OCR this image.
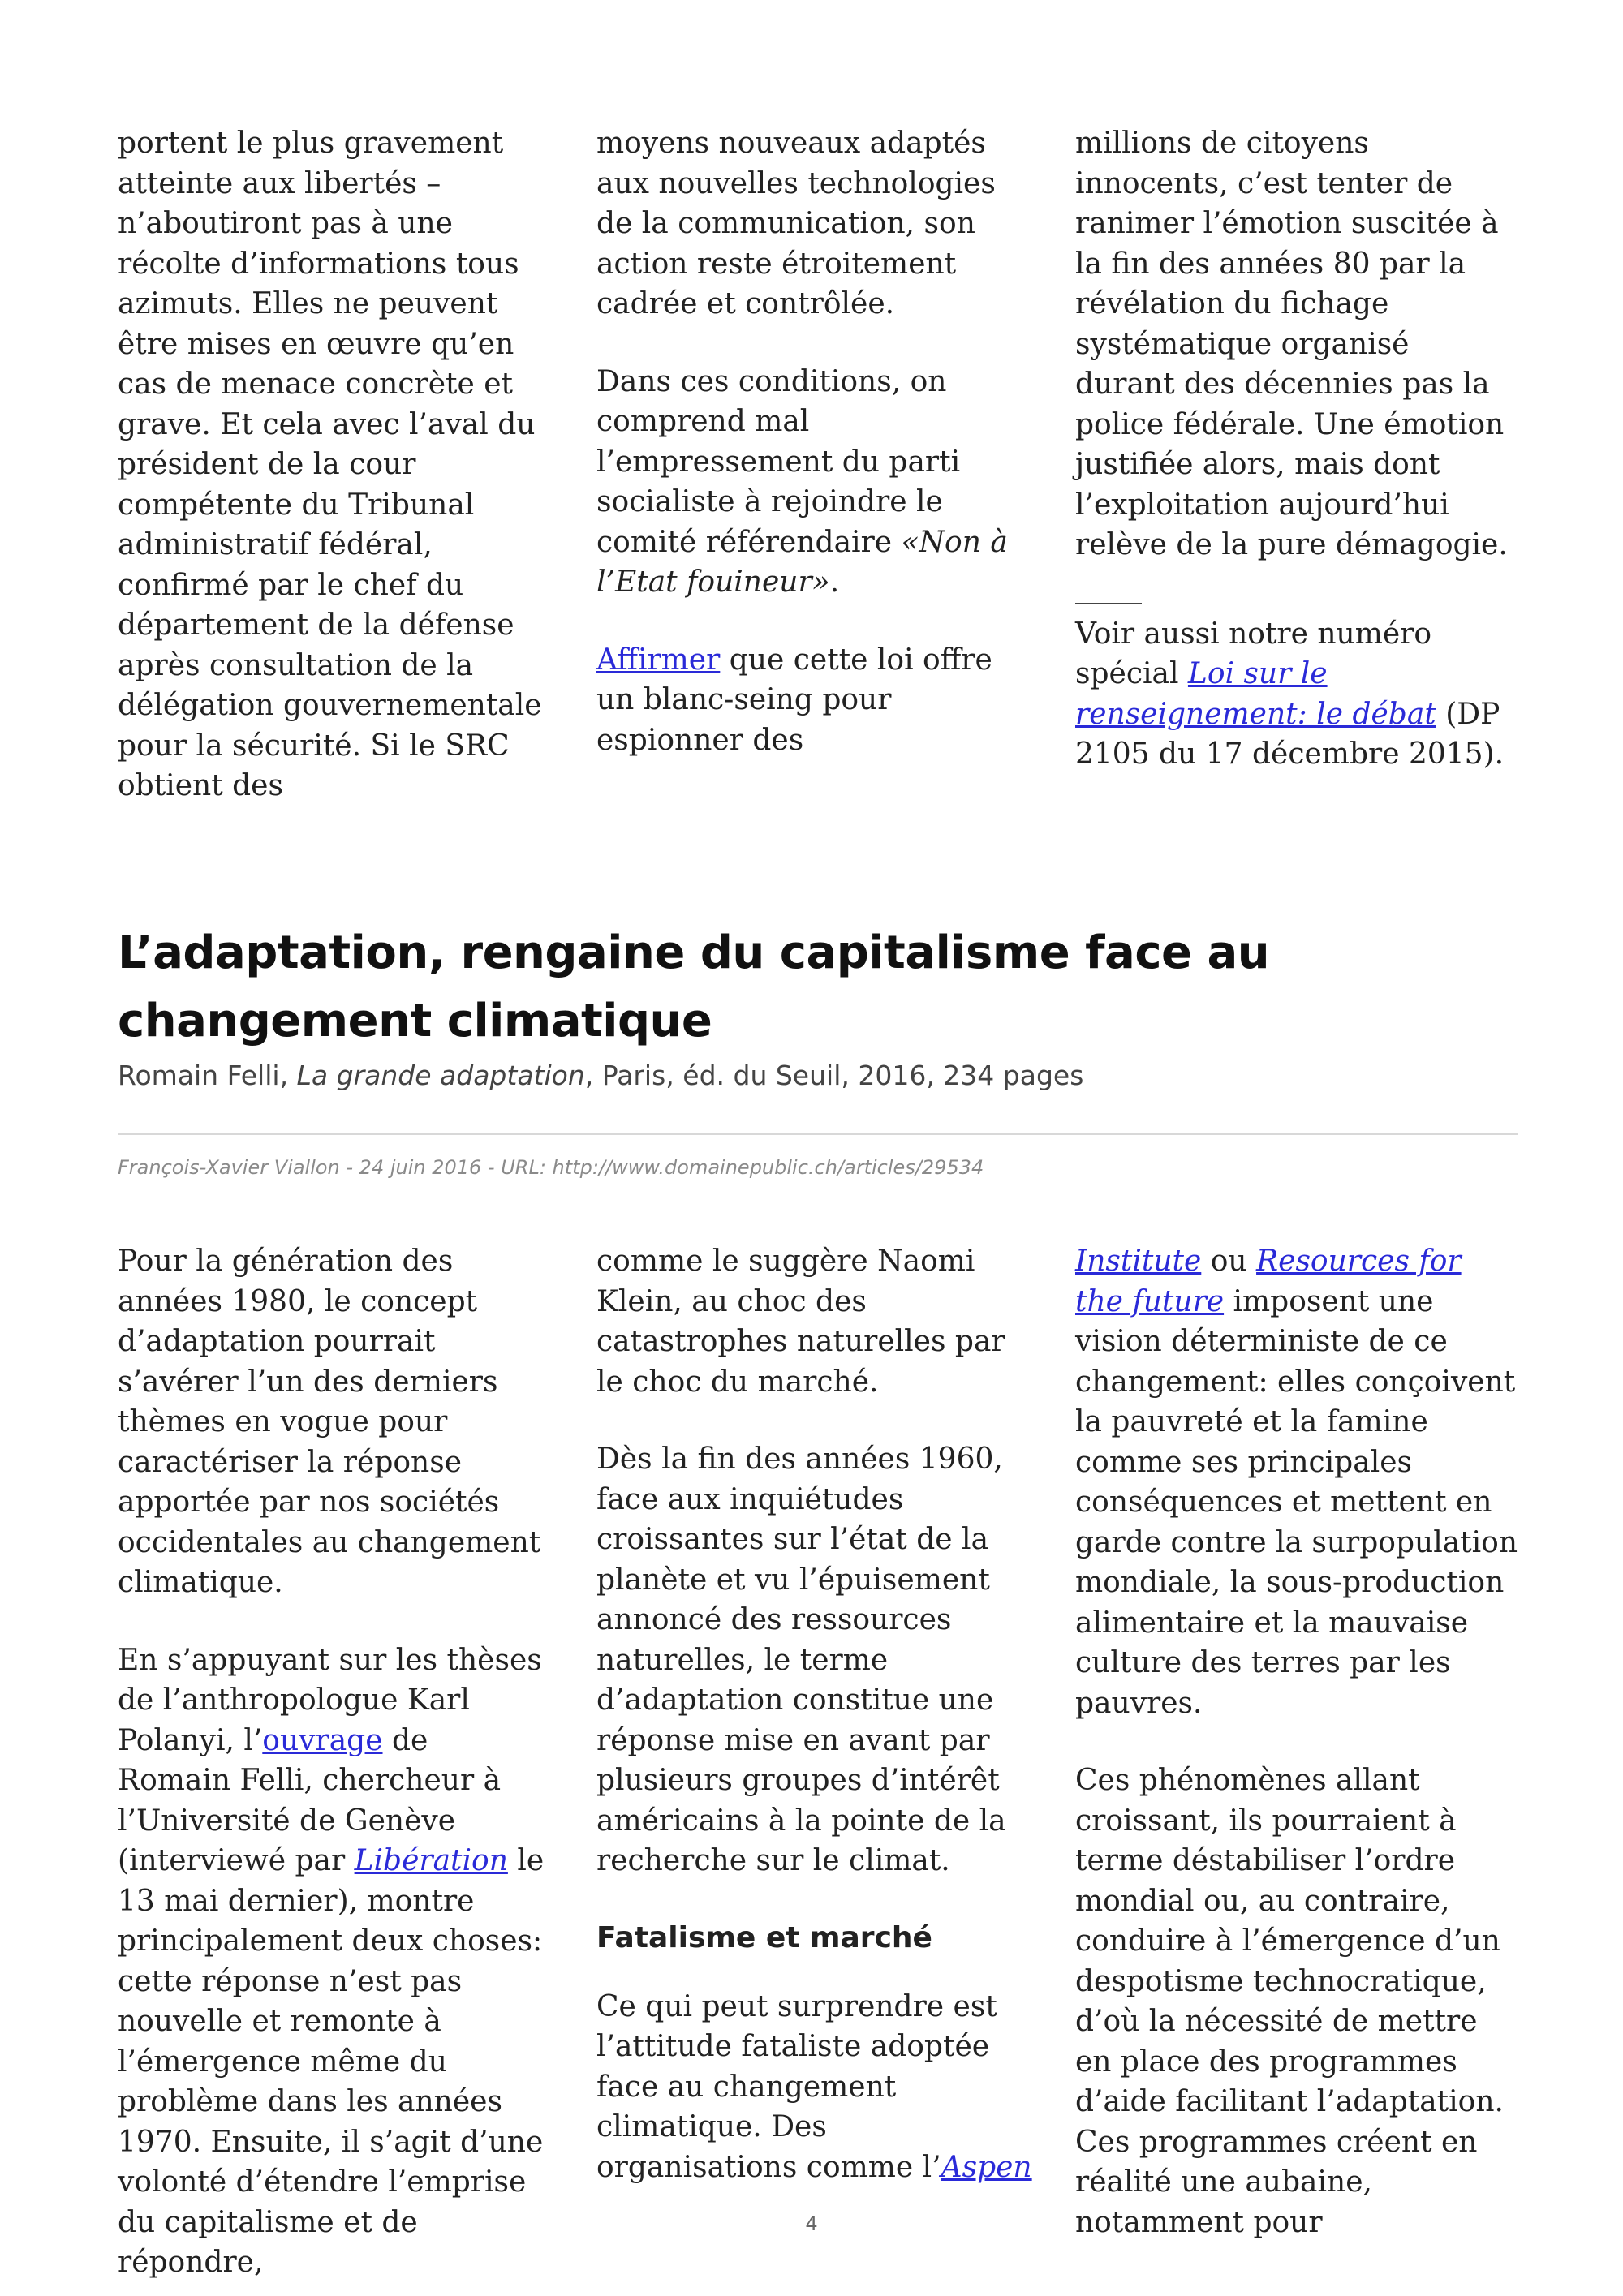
portent le plus gravement atteinte aux libertés – n’aboutiront pas à une récolte d’informations tous azimuts. Elles ne peuvent être mises en œuvre qu’en cas de menace concrète et grave. Et cela avec l’aval du président de la cour compétente du Tribunal administratif fédéral, confirmé par le chef du département de la défense après consultation de la délégation gouvernementale pour la sécurité. Si le SRC obtient des

moyens nouveaux adaptés aux nouvelles technologies de la communication, son action reste étroitement cadrée et contrôlée.

Dans ces conditions, on comprend mal l’empressement du parti socialiste à rejoindre le comité référendaire «Non à l’Etat fouineur».

Affirmer que cette loi offre un blanc-seing pour espionner des

millions de citoyens innocents, c’est tenter de ranimer l’émotion suscitée à la fin des années 80 par la révélation du fichage systématique organisé durant des décennies pas la police fédérale. Une émotion justifiée alors, mais dont l’exploitation aujourd’hui relève de la pure démagogie.

Voir aussi notre numéro spécial Loi sur le renseignement: le débat (DP 2105 du 17 décembre 2015).

L’adaptation, rengaine du capitalisme face au changement climatique
Romain Felli, La grande adaptation, Paris, éd. du Seuil, 2016, 234 pages
François-Xavier Viallon - 24 juin 2016 - URL: http://www.domainepublic.ch/articles/29534

Pour la génération des années 1980, le concept d’adaptation pourrait s’avérer l’un des derniers thèmes en vogue pour caractériser la réponse apportée par nos sociétés occidentales au changement climatique.

En s’appuyant sur les thèses de l’anthropologue Karl Polanyi, l’ouvrage de Romain Felli, chercheur à l’Université de Genève (interviewé par Libération le 13 mai dernier), montre principalement deux choses: cette réponse n’est pas nouvelle et remonte à l’émergence même du problème dans les années 1970. Ensuite, il s’agit d’une volonté d’étendre l’emprise du capitalisme et de répondre,

comme le suggère Naomi Klein, au choc des catastrophes naturelles par le choc du marché.

Dès la fin des années 1960, face aux inquiétudes croissantes sur l’état de la planète et vu l’épuisement annoncé des ressources naturelles, le terme d’adaptation constitue une réponse mise en avant par plusieurs groupes d’intérêt américains à la pointe de la recherche sur le climat.

Fatalisme et marché

Ce qui peut surprendre est l’attitude fataliste adoptée face au changement climatique. Des organisations comme l’Aspen

Institute ou Resources for the future imposent une vision déterministe de ce changement: elles conçoivent la pauvreté et la famine comme ses principales conséquences et mettent en garde contre la surpopulation mondiale, la sous-production alimentaire et la mauvaise culture des terres par les pauvres.

Ces phénomènes allant croissant, ils pourraient à terme déstabiliser l’ordre mondial ou, au contraire, conduire à l’émergence d’un despotisme technocratique, d’où la nécessité de mettre en place des programmes d’aide facilitant l’adaptation. Ces programmes créent en réalité une aubaine, notamment pour

4
